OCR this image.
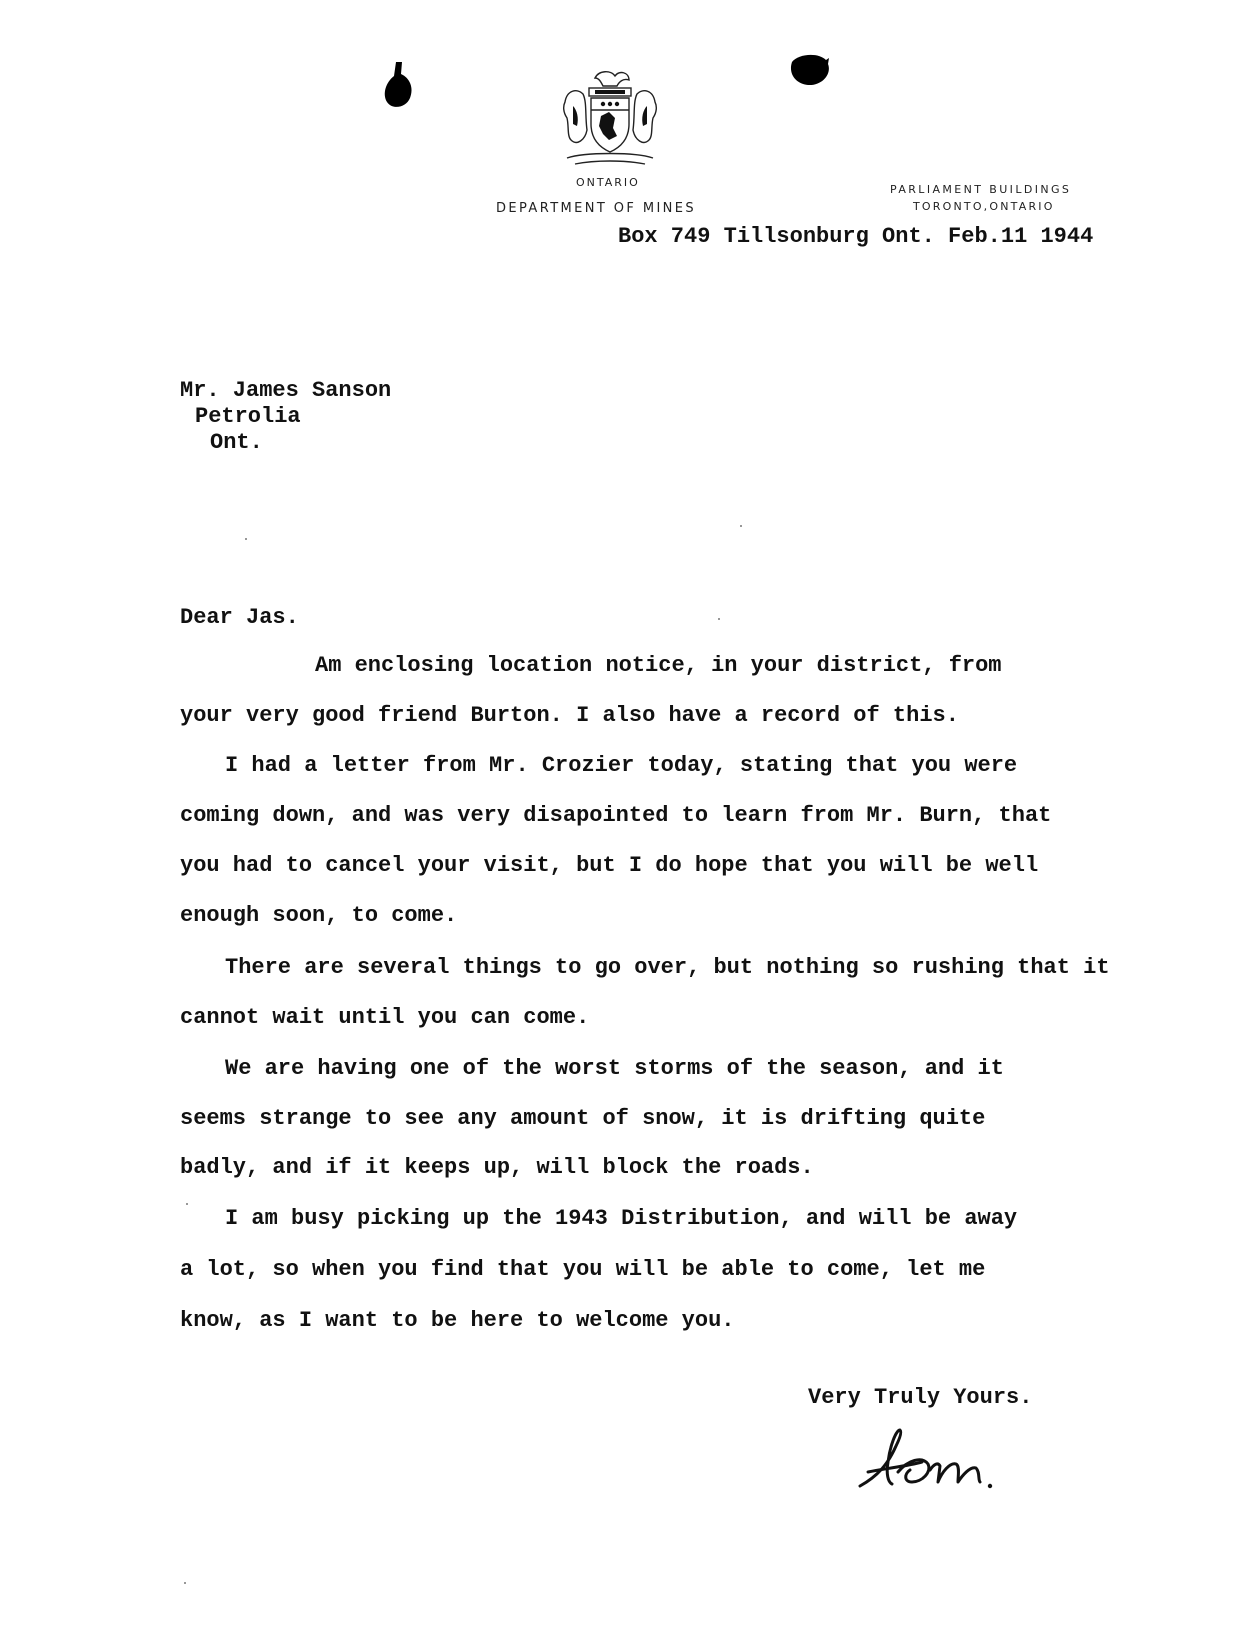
ONTARIO
DEPARTMENT OF MINES
PARLIAMENT BUILDINGS
TORONTO,ONTARIO
Box 749 Tillsonburg Ont. Feb.11 1944
Mr. James Sanson
Petrolia
Ont.
Dear Jas.
Am enclosing location notice, in your district, from
your very good friend Burton. I also have a record of this.
I had a letter from Mr. Crozier today, stating that you were
coming down, and was very disapointed to learn from Mr. Burn, that
you had to cancel your visit, but I do hope that you will be well
enough soon, to come.
There are several things to go over, but nothing so rushing that it
cannot wait until you can come.
We are having one of the worst storms of the season, and it
seems strange to see any amount of snow, it is drifting quite
badly, and if it keeps up, will block the roads.
I am busy picking up the 1943 Distribution, and will be away
a lot, so when you find that you will be able to come, let me
know, as I want to be here to welcome you.
Very Truly Yours.
